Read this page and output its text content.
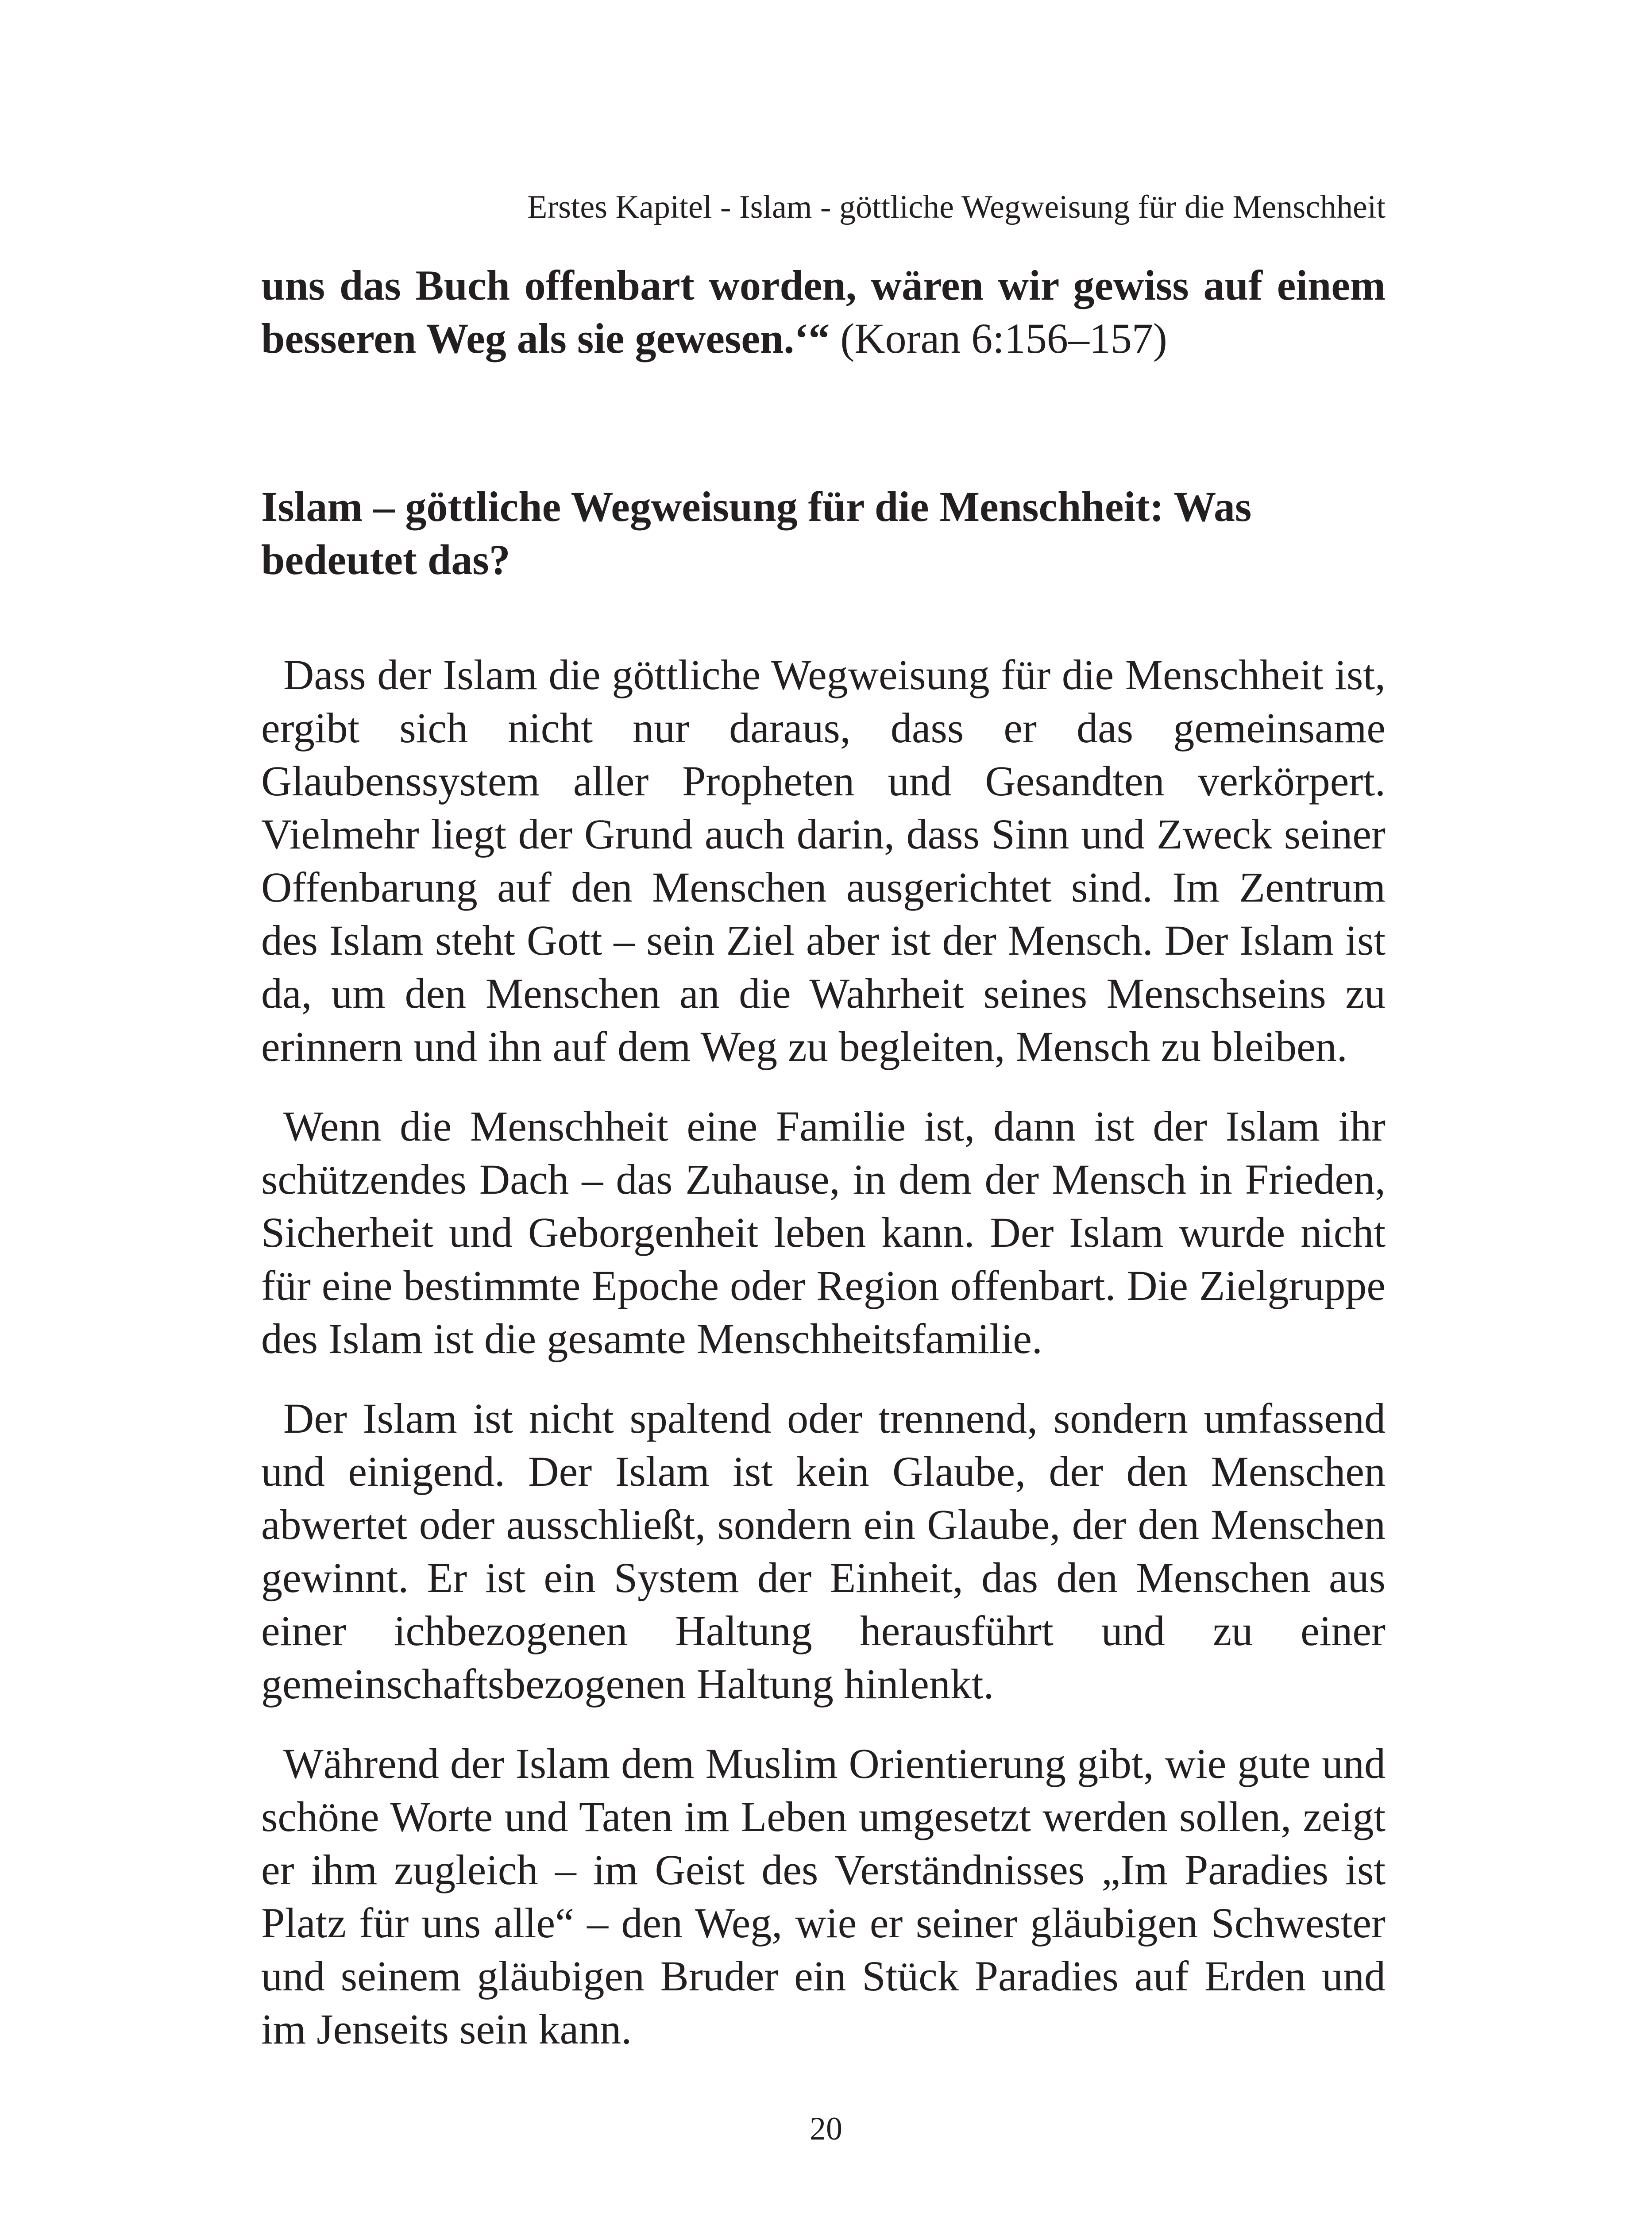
Erstes Kapitel - Islam - göttliche Wegweisung für die Menschheit

uns das Buch offenbart worden, wären wir gewiss auf einem besseren Weg als sie gewesen.‘“ (Koran 6:156–157)

Islam – göttliche Wegweisung für die Menschheit: Was bedeutet das?

Dass der Islam die göttliche Wegweisung für die Menschheit ist, ergibt sich nicht nur daraus, dass er das gemeinsame Glaubenssystem aller Propheten und Gesandten verkörpert. Vielmehr liegt der Grund auch darin, dass Sinn und Zweck seiner Offenbarung auf den Menschen ausgerichtet sind. Im Zentrum des Islam steht Gott – sein Ziel aber ist der Mensch. Der Islam ist da, um den Menschen an die Wahrheit seines Menschseins zu erinnern und ihn auf dem Weg zu begleiten, Mensch zu bleiben.

Wenn die Menschheit eine Familie ist, dann ist der Islam ihr schützendes Dach – das Zuhause, in dem der Mensch in Frieden, Sicherheit und Geborgenheit leben kann. Der Islam wurde nicht für eine bestimmte Epoche oder Region offenbart. Die Zielgruppe des Islam ist die gesamte Menschheitsfamilie.

Der Islam ist nicht spaltend oder trennend, sondern umfassend und einigend. Der Islam ist kein Glaube, der den Menschen abwertet oder ausschließt, sondern ein Glaube, der den Menschen gewinnt. Er ist ein System der Einheit, das den Menschen aus einer ichbezogenen Haltung herausführt und zu einer gemeinschaftsbezogenen Haltung hinlenkt.

Während der Islam dem Muslim Orientierung gibt, wie gute und schöne Worte und Taten im Leben umgesetzt werden sollen, zeigt er ihm zugleich – im Geist des Verständnisses „Im Paradies ist Platz für uns alle“ – den Weg, wie er seiner gläubigen Schwester und seinem gläubigen Bruder ein Stück Paradies auf Erden und im Jenseits sein kann.

20
